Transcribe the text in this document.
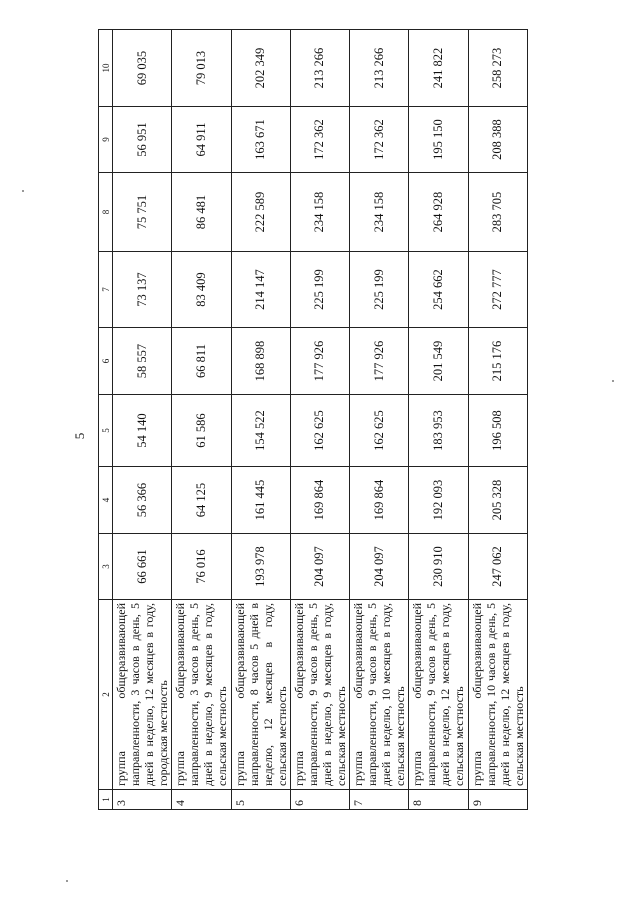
5
1	2	3	4	5	6	7	8	9	10
3	группа общеразвивающей направленности, 3 часов в день, 5 дней в неделю, 12 месяцев в году, городская местность	66 661	56 366	54 140	58 557	73 137	75 751	56 951	69 035
4	группа общеразвивающей направленности, 3 часов в день, 5 дней в неделю, 9 месяцев в году, сельская местность	76 016	64 125	61 586	66 811	83 409	86 481	64 911	79 013
5	группа общеразвивающей направленности, 8 часов 5 дней в неделю, 12 месяцев в году, сельская местность	193 978	161 445	154 522	168 898	214 147	222 589	163 671	202 349
6	группа общеразвивающей направленности, 9 часов в день, 5 дней в неделю, 9 месяцев в году, сельская местность	204 097	169 864	162 625	177 926	225 199	234 158	172 362	213 266
7	группа общеразвивающей направленности, 9 часов в день, 5 дней в неделю, 10 месяцев в году, сельская местность	204 097	169 864	162 625	177 926	225 199	234 158	172 362	213 266
8	группа общеразвивающей направленности, 9 часов в день, 5 дней в неделю, 12 месяцев в году, сельская местность	230 910	192 093	183 953	201 549	254 662	264 928	195 150	241 822
9	группа общеразвивающей направленности, 10 часов в день, 5 дней в неделю, 12 месяцев в году, сельская местность	247 062	205 328	196 508	215 176	272 777	283 705	208 388	258 273
